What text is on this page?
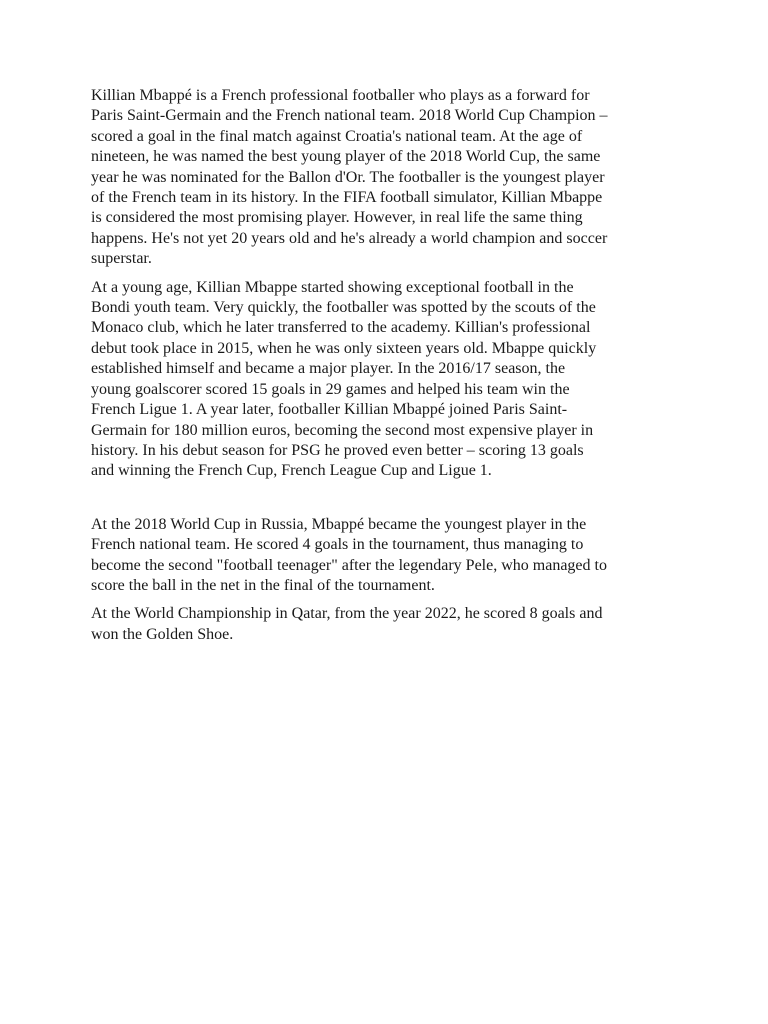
Killian Mbappé is a French professional footballer who plays as a forward for
Paris Saint-Germain and the French national team. 2018 World Cup Champion –
scored a goal in the final match against Croatia's national team. At the age of
nineteen, he was named the best young player of the 2018 World Cup, the same
year he was nominated for the Ballon d'Or. The footballer is the youngest player
of the French team in its history. In the FIFA football simulator, Killian Mbappe
is considered the most promising player. However, in real life the same thing
happens. He's not yet 20 years old and he's already a world champion and soccer
superstar.

At a young age, Killian Mbappe started showing exceptional football in the
Bondi youth team. Very quickly, the footballer was spotted by the scouts of the
Monaco club, which he later transferred to the academy. Killian's professional
debut took place in 2015, when he was only sixteen years old. Mbappe quickly
established himself and became a major player. In the 2016/17 season, the
young goalscorer scored 15 goals in 29 games and helped his team win the
French Ligue 1. A year later, footballer Killian Mbappé joined Paris Saint-
Germain for 180 million euros, becoming the second most expensive player in
history. In his debut season for PSG he proved even better – scoring 13 goals
and winning the French Cup, French League Cup and Ligue 1.

At the 2018 World Cup in Russia, Mbappé became the youngest player in the
French national team. He scored 4 goals in the tournament, thus managing to
become the second "football teenager" after the legendary Pele, who managed to
score the ball in the net in the final of the tournament.

At the World Championship in Qatar, from the year 2022, he scored 8 goals and
won the Golden Shoe.
